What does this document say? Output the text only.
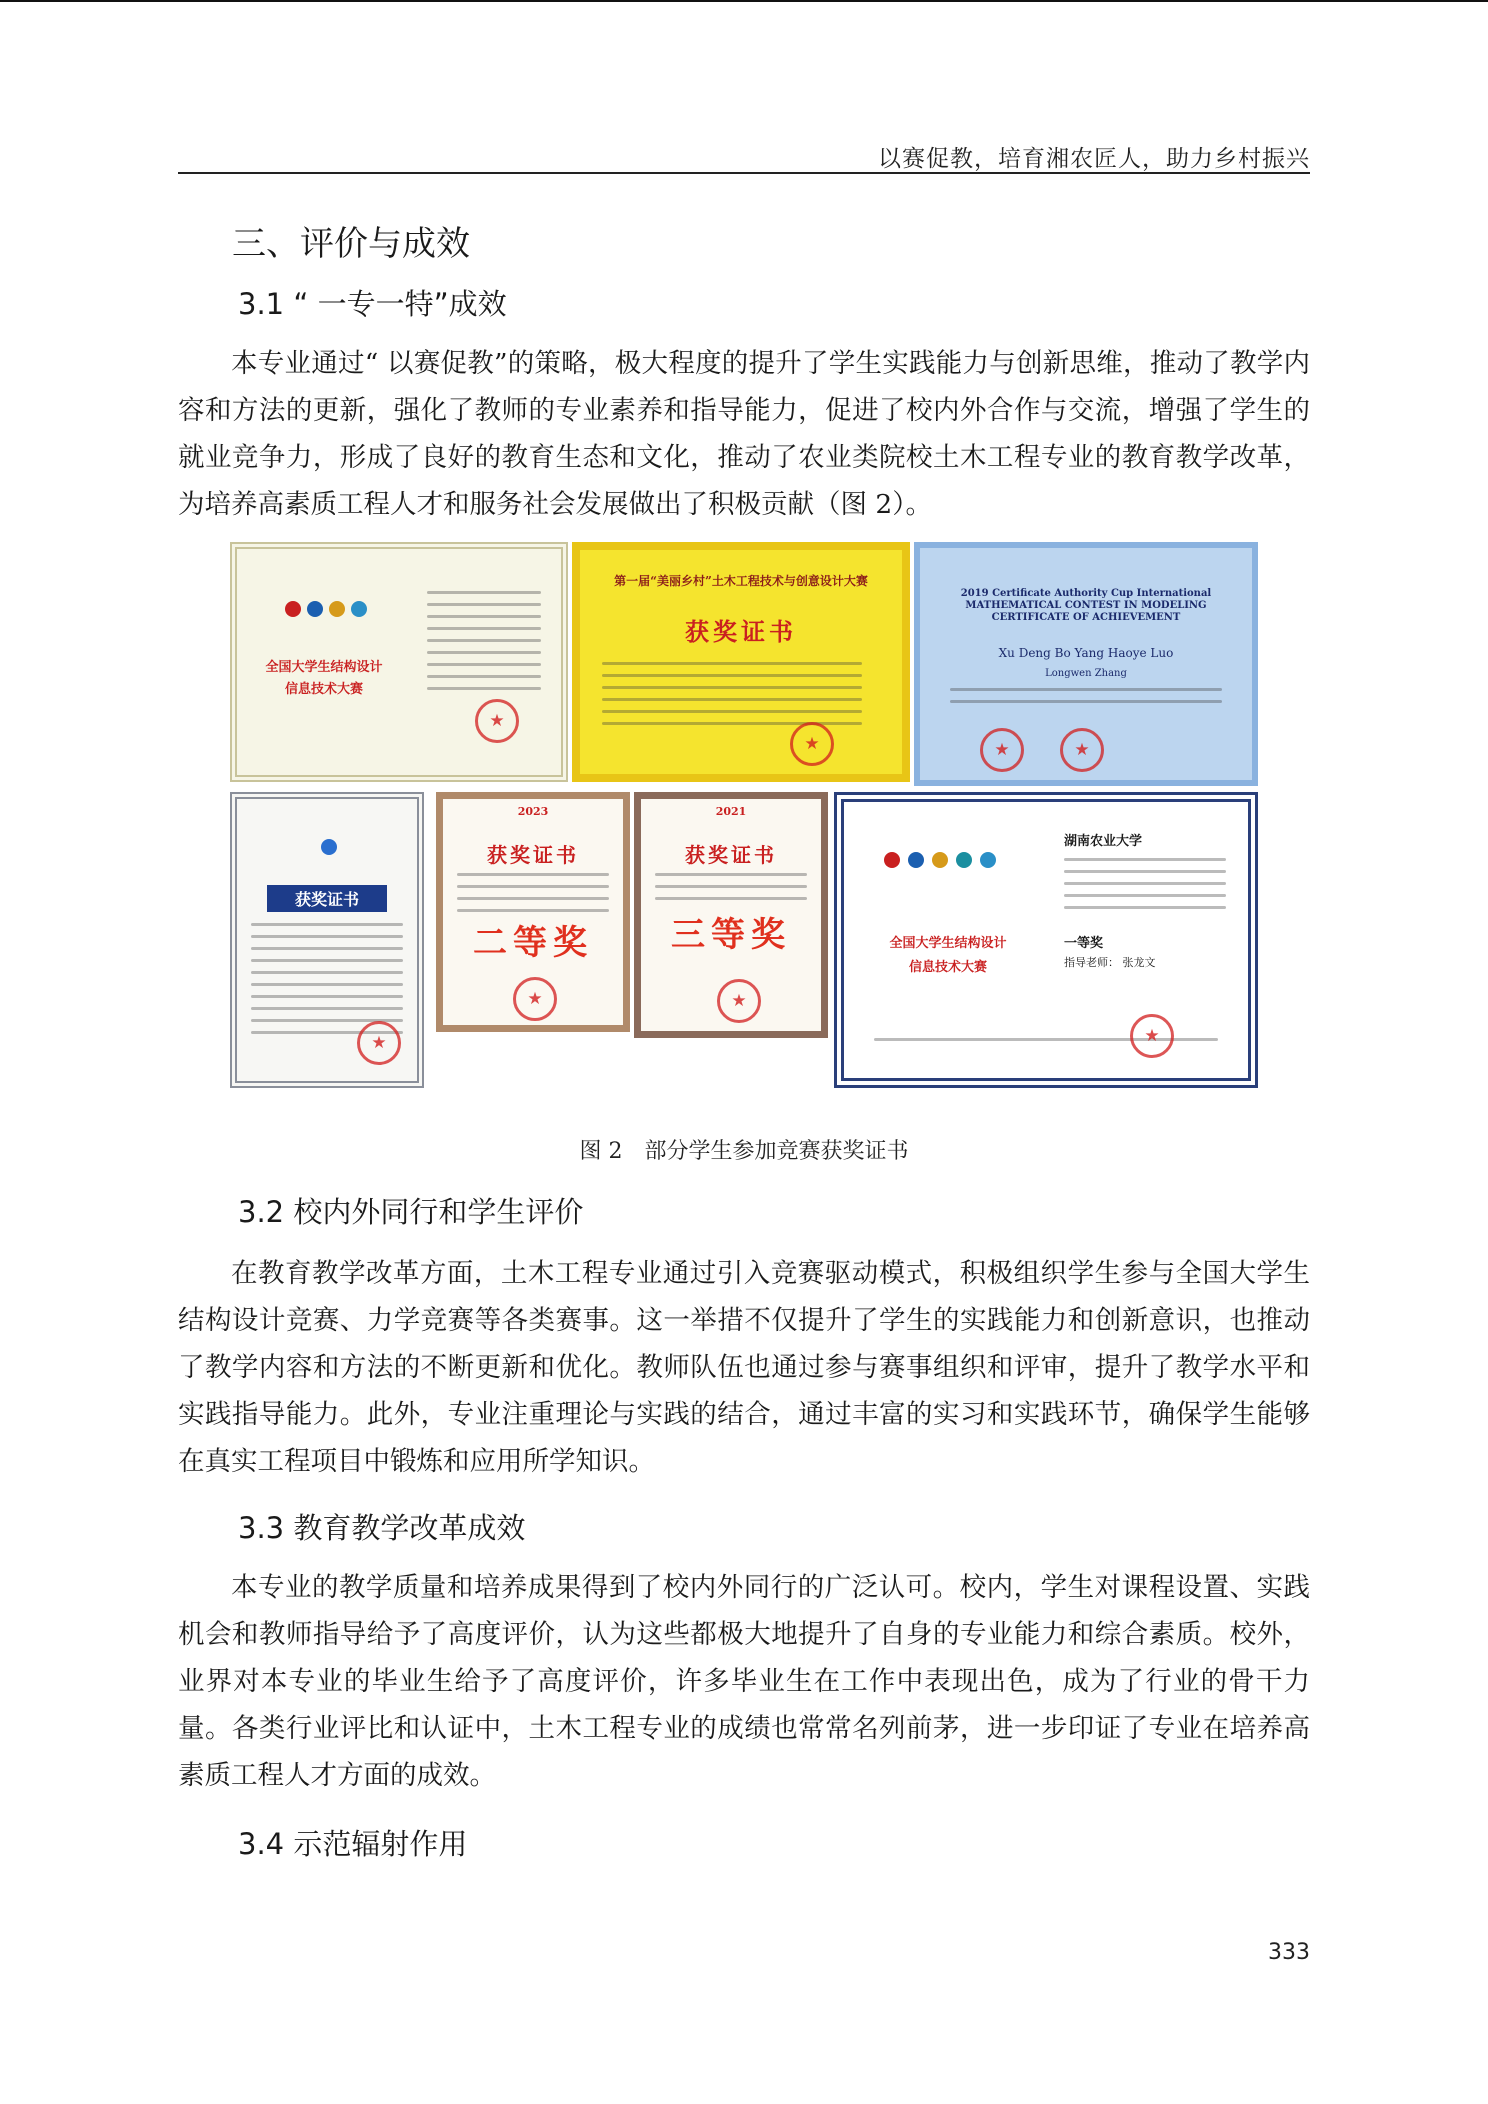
以赛促教，培育湘农匠人，助力乡村振兴
三、评价与成效
3.1 “ 一专一特”成效

本专业通过“ 以赛促教”的策略，极大程度的提升了学生实践能力与创新思维，推动了教学内容和方法的更新，强化了教师的专业素养和指导能力，促进了校内外合作与交流，增强了学生的就业竞争力，形成了良好的教育生态和文化，推动了农业类院校土木工程专业的教育教学改革，为培养高素质工程人才和服务社会发展做出了积极贡献（图 2）。

全国大学生结构设计
信息技术大赛
★
第一届“美丽乡村”土木工程技术与创意设计大赛
获奖证书
★
2019 Certificate Authority Cup International
MATHEMATICAL CONTEST IN MODELING
CERTIFICATE OF ACHIEVEMENT
Xu Deng Bo Yang Haoye Luo
Longwen Zhang
★
★
获奖证书
★
2023
获奖证书
二等奖
★
2021
获奖证书
三等奖
★	全国大学生结构设计
信息技术大赛
湖南农业大学
一等奖
指导老师： 张龙文
★
图 2　部分学生参加竞赛获奖证书
3.2 校内外同行和学生评价

在教育教学改革方面，土木工程专业通过引入竞赛驱动模式，积极组织学生参与全国大学生结构设计竞赛、力学竞赛等各类赛事。这一举措不仅提升了学生的实践能力和创新意识，也推动了教学内容和方法的不断更新和优化。教师队伍也通过参与赛事组织和评审，提升了教学水平和实践指导能力。此外，专业注重理论与实践的结合，通过丰富的实习和实践环节，确保学生能够在真实工程项目中锻炼和应用所学知识。

3.3 教育教学改革成效

本专业的教学质量和培养成果得到了校内外同行的广泛认可。校内，学生对课程设置、实践机会和教师指导给予了高度评价，认为这些都极大地提升了自身的专业能力和综合素质。校外，业界对本专业的毕业生给予了高度评价，许多毕业生在工作中表现出色，成为了行业的骨干力量。各类行业评比和认证中，土木工程专业的成绩也常常名列前茅，进一步印证了专业在培养高素质工程人才方面的成效。

3.4 示范辐射作用
333
